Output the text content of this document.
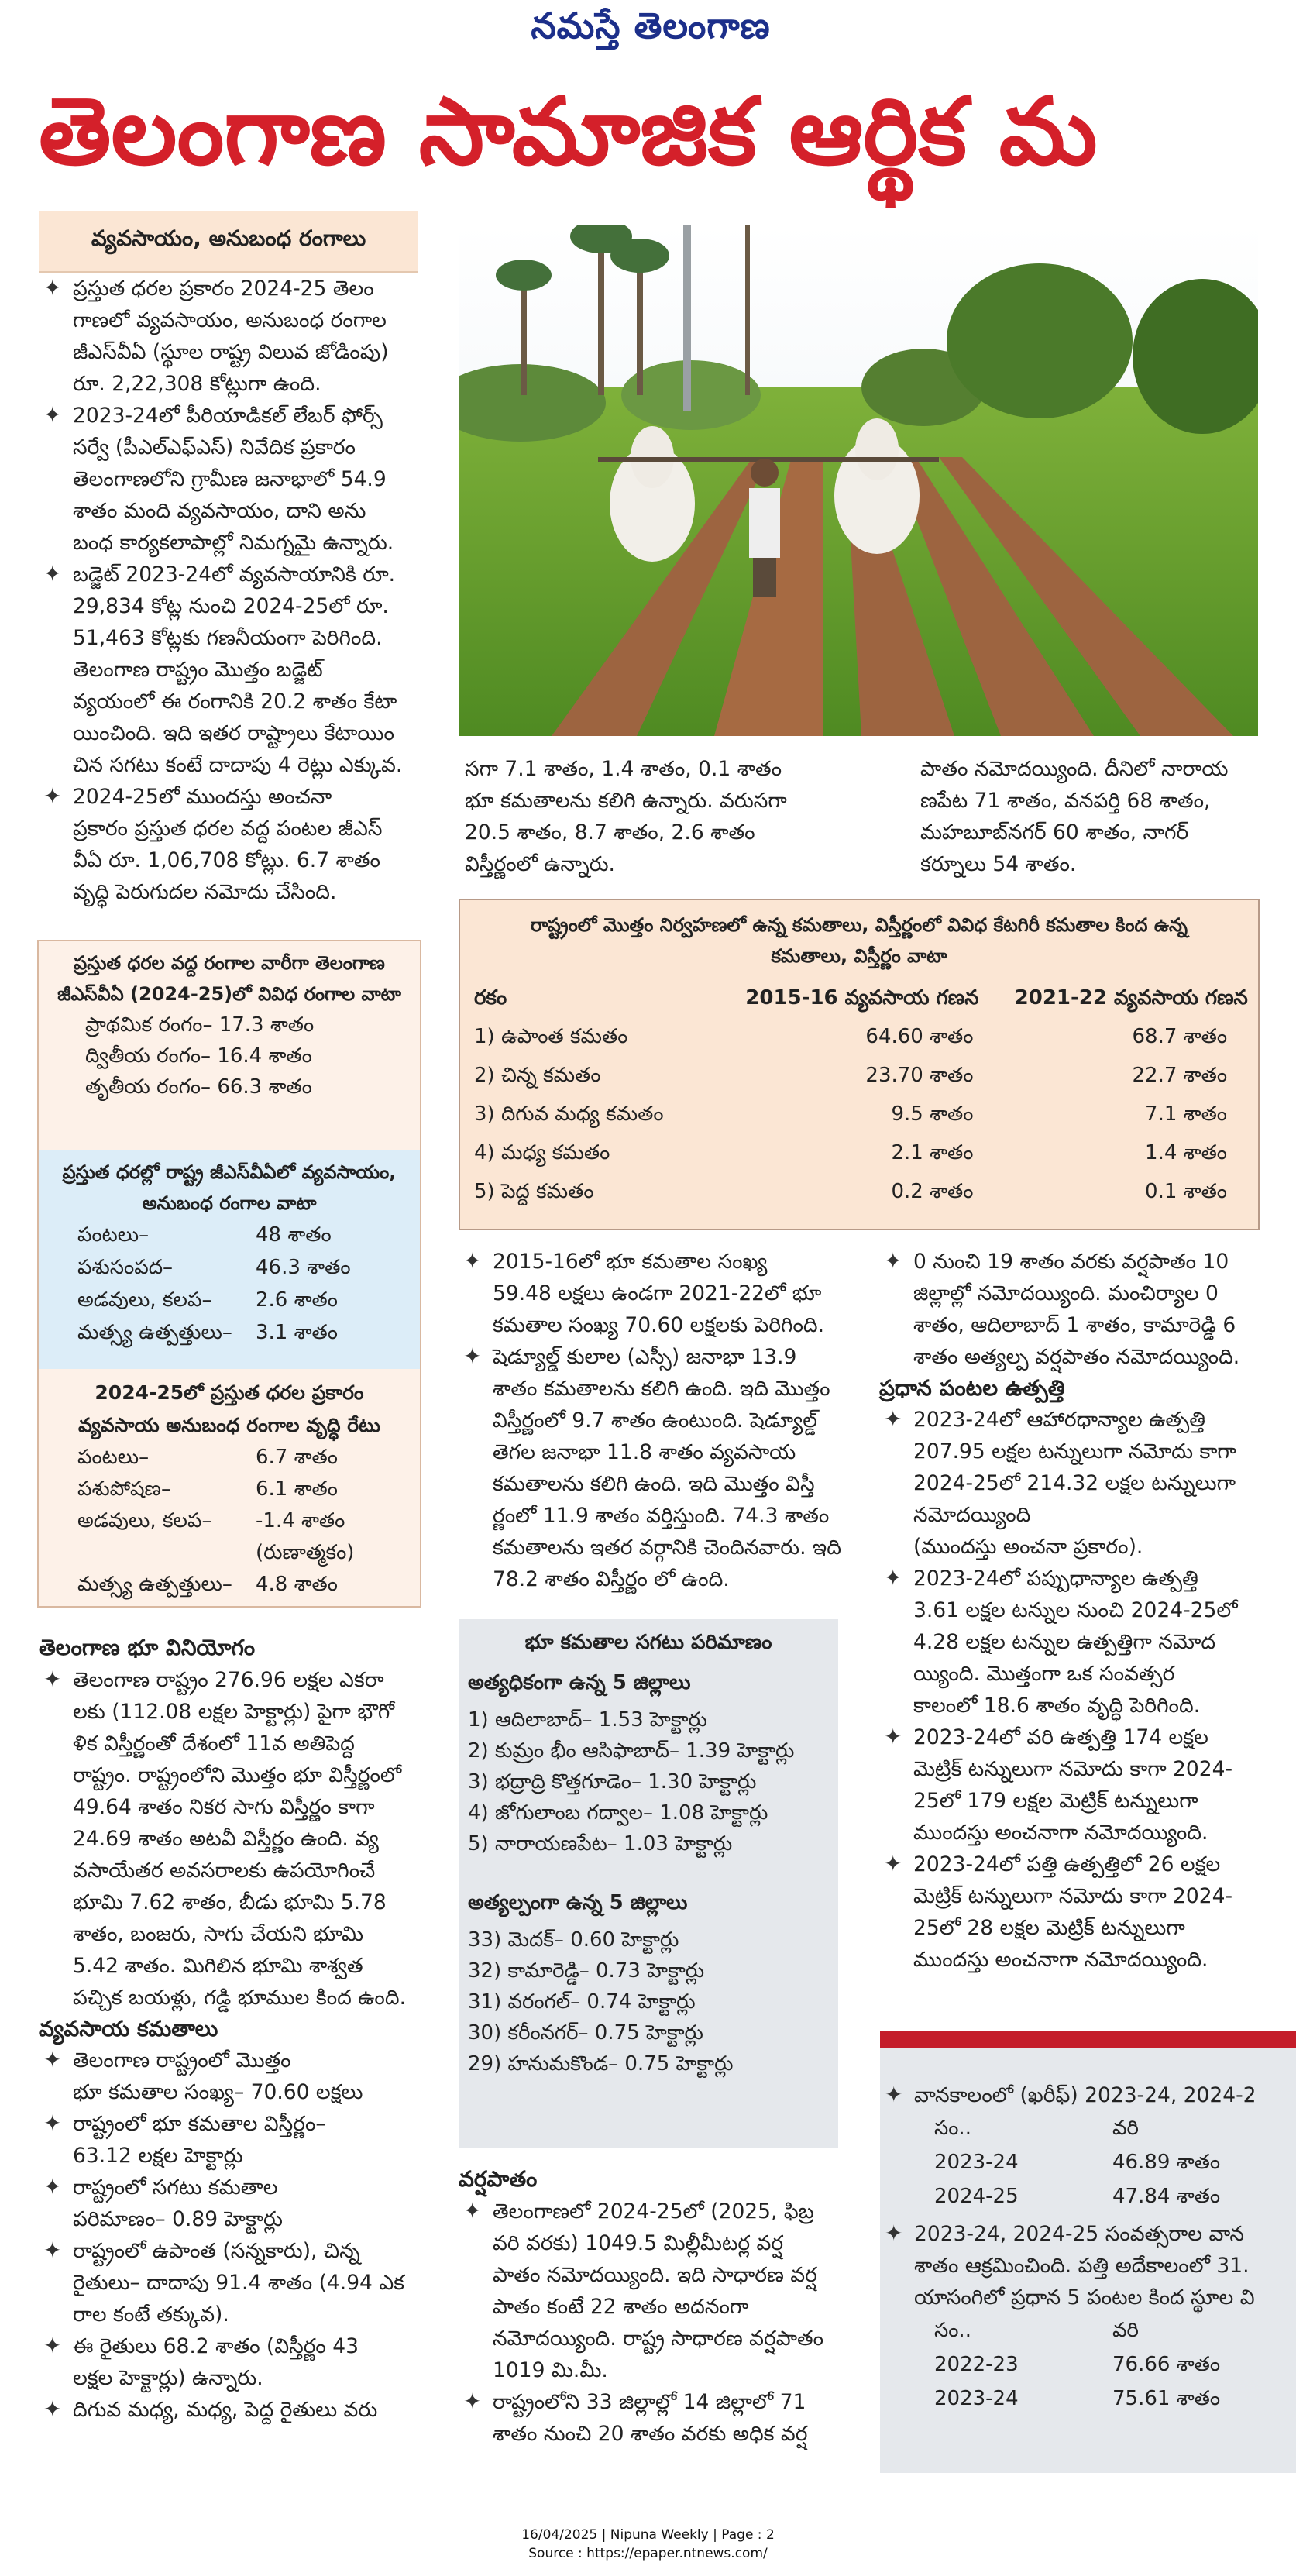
నమస్తే తెలంగాణ
తెలంగాణ సామాజిక ఆర్థిక మ
వ్యవసాయం, అనుబంధ రంగాలు
✦ ప్రస్తుత ధరల ప్రకారం 2024-25 తెలం
గాణలో వ్యవసాయం, అనుబంధ రంగాల
జీఎస్‌వీఏ (స్థూల రాష్ట్ర విలువ జోడింపు)
రూ. 2,22,308 కోట్లుగా ఉంది.
✦ 2023-24లో పీరియాడికల్ లేబర్ ఫోర్స్
సర్వే (పీఎల్‌ఎఫ్‌ఎస్) నివేదిక ప్రకారం
తెలంగాణలోని గ్రామీణ జనాభాలో 54.9
శాతం మంది వ్యవసాయం, దాని అను
బంధ కార్యకలాపాల్లో నిమగ్నమై ఉన్నారు.
✦ బడ్జెట్ 2023-24లో వ్యవసాయానికి రూ.
29,834 కోట్ల నుంచి 2024-25లో రూ.
51,463 కోట్లకు గణనీయంగా పెరిగింది.
తెలంగాణ రాష్ట్రం మొత్తం బడ్జెట్
వ్యయంలో ఈ రంగానికి 20.2 శాతం కేటా
యించింది. ఇది ఇతర రాష్ట్రాలు కేటాయిం
చిన సగటు కంటే దాదాపు 4 రెట్లు ఎక్కువ.
✦ 2024-25లో ముందస్తు అంచనా
ప్రకారం ప్రస్తుత ధరల వద్ద పంటల జీఎస్
వీఏ రూ. 1,06,708 కోట్లు. 6.7 శాతం
వృద్ధి పెరుగుదల నమోదు చేసింది.
ప్రస్తుత ధరల వద్ద రంగాల వారీగా తెలంగాణ
జీఎస్‌వీఏ (2024-25)లో వివిధ రంగాల వాటా
ప్రాథమిక రంగం– 17.3 శాతం
ద్వితీయ రంగం– 16.4 శాతం
తృతీయ రంగం– 66.3 శాతం
ప్రస్తుత ధరల్లో రాష్ట్ర జీఎస్‌వీఏలో వ్యవసాయం,
అనుబంధ రంగాల వాటా
పంటలు–	48 శాతం
పశుసంపద–	46.3 శాతం
అడవులు, కలప–	2.6 శాతం
మత్స్య ఉత్పత్తులు–	3.1 శాతం
2024-25లో ప్రస్తుత ధరల ప్రకారం
వ్యవసాయ అనుబంధ రంగాల వృద్ధి రేటు
పంటలు–	6.7 శాతం
పశుపోషణ–	6.1 శాతం
అడవులు, కలప–	-1.4 శాతం
(రుణాత్మకం)
మత్స్య ఉత్పత్తులు–	4.8 శాతం
తెలంగాణ భూ వినియోగం
✦ తెలంగాణ రాష్ట్రం 276.96 లక్షల ఎకరా
లకు (112.08 లక్షల హెక్టార్లు) పైగా భౌగో
ళిక విస్తీర్ణంతో దేశంలో 11వ అతిపెద్ద
రాష్ట్రం. రాష్ట్రంలోని మొత్తం భూ విస్తీర్ణంలో
49.64 శాతం నికర సాగు విస్తీర్ణం కాగా
24.69 శాతం అటవీ విస్తీర్ణం ఉంది. వ్య
వసాయేతర అవసరాలకు ఉపయోగించే
భూమి 7.62 శాతం, బీడు భూమి 5.78
శాతం, బంజరు, సాగు చేయని భూమి
5.42 శాతం. మిగిలిన భూమి శాశ్వత
పచ్చిక బయళ్లు, గడ్డి భూముల కింద ఉంది.
వ్యవసాయ కమతాలు
✦ తెలంగాణ రాష్ట్రంలో మొత్తం
భూ కమతాల సంఖ్య– 70.60 లక్షలు
✦ రాష్ట్రంలో భూ కమతాల విస్తీర్ణం–
63.12 లక్షల హెక్టార్లు
✦ రాష్ట్రంలో సగటు కమతాల
పరిమాణం– 0.89 హెక్టార్లు
✦ రాష్ట్రంలో ఉపాంత (సన్నకారు), చిన్న
రైతులు– దాదాపు 91.4 శాతం (4.94 ఎక
రాల కంటే తక్కువ).
✦ ఈ రైతులు 68.2 శాతం (విస్తీర్ణం 43
లక్షల హెక్టార్లు) ఉన్నారు.
✦ దిగువ మధ్య, మధ్య, పెద్ద రైతులు వరు
సగా 7.1 శాతం, 1.4 శాతం, 0.1 శాతం
భూ కమతాలను కలిగి ఉన్నారు. వరుసగా
20.5 శాతం, 8.7 శాతం, 2.6 శాతం
విస్తీర్ణంలో ఉన్నారు.
పాతం నమోదయ్యింది. దీనిలో నారాయ
ణపేట 71 శాతం, వనపర్తి 68 శాతం,
మహబూబ్‌నగర్ 60 శాతం, నాగర్
కర్నూలు 54 శాతం.
రాష్ట్రంలో మొత్తం నిర్వహణలో ఉన్న కమతాలు, విస్తీర్ణంలో వివిధ కేటగిరీ కమతాల కింద ఉన్న
కమతాలు, విస్తీర్ణం వాటా
రకం	2015-16 వ్యవసాయ గణన	2021-22 వ్యవసాయ గణన
1) ఉపాంత కమతం	64.60 శాతం	68.7 శాతం
2) చిన్న కమతం	23.70 శాతం	22.7 శాతం
3) దిగువ మధ్య కమతం	9.5 శాతం	7.1 శాతం
4) మధ్య కమతం	2.1 శాతం	1.4 శాతం
5) పెద్ద కమతం	0.2 శాతం	0.1 శాతం
✦ 2015-16లో భూ కమతాల సంఖ్య
59.48 లక్షలు ఉండగా 2021-22లో భూ
కమతాల సంఖ్య 70.60 లక్షలకు పెరిగింది.
✦ షెడ్యూల్డ్ కులాల (ఎస్సీ) జనాభా 13.9
శాతం కమతాలను కలిగి ఉంది. ఇది మొత్తం
విస్తీర్ణంలో 9.7 శాతం ఉంటుంది. షెడ్యూల్డ్
తెగల జనాభా 11.8 శాతం వ్యవసాయ
కమతాలను కలిగి ఉంది. ఇది మొత్తం విస్తీ
ర్ణంలో 11.9 శాతం వర్తిస్తుంది. 74.3 శాతం
కమతాలను ఇతర వర్గానికి చెందినవారు. ఇది
78.2 శాతం విస్తీర్ణం లో ఉంది.
భూ కమతాల సగటు పరిమాణం
అత్యధికంగా ఉన్న 5 జిల్లాలు
1) ఆదిలాబాద్– 1.53 హెక్టార్లు
2) కుమ్రం భీం ఆసిఫాబాద్– 1.39 హెక్టార్లు
3) భద్రాద్రి కొత్తగూడెం– 1.30 హెక్టార్లు
4) జోగులాంబ గద్వాల– 1.08 హెక్టార్లు
5) నారాయణపేట– 1.03 హెక్టార్లు
అత్యల్పంగా ఉన్న 5 జిల్లాలు
33) మెదక్– 0.60 హెక్టార్లు
32) కామారెడ్డి– 0.73 హెక్టార్లు
31) వరంగల్– 0.74 హెక్టార్లు
30) కరీంనగర్– 0.75 హెక్టార్లు
29) హనుమకొండ– 0.75 హెక్టార్లు
వర్షపాతం
✦ తెలంగాణలో 2024-25లో (2025, ఫిబ్ర
వరి వరకు) 1049.5 మిల్లీమీటర్ల వర్ష
పాతం నమోదయ్యింది. ఇది సాధారణ వర్ష
పాతం కంటే 22 శాతం అదనంగా
నమోదయ్యింది. రాష్ట్ర సాధారణ వర్షపాతం
1019 మి.మీ.
✦ రాష్ట్రంలోని 33 జిల్లాల్లో 14 జిల్లాలో 71
శాతం నుంచి 20 శాతం వరకు అధిక వర్ష
✦ 0 నుంచి 19 శాతం వరకు వర్షపాతం 10
జిల్లాల్లో నమోదయ్యింది. మంచిర్యాల 0
శాతం, ఆదిలాబాద్ 1 శాతం, కామారెడ్డి 6
శాతం అత్యల్ప వర్షపాతం నమోదయ్యింది.
ప్రధాన పంటల ఉత్పత్తి
✦ 2023-24లో ఆహారధాన్యాల ఉత్పత్తి
207.95 లక్షల టన్నులుగా నమోదు కాగా
2024-25లో 214.32 లక్షల టన్నులుగా
నమోదయ్యింది
(ముందస్తు అంచనా ప్రకారం).
✦ 2023-24లో పప్పుధాన్యాల ఉత్పత్తి
3.61 లక్షల టన్నుల నుంచి 2024-25లో
4.28 లక్షల టన్నుల ఉత్పత్తిగా నమోద
య్యింది. మొత్తంగా ఒక సంవత్సర
కాలంలో 18.6 శాతం వృద్ధి పెరిగింది.
✦ 2023-24లో వరి ఉత్పత్తి 174 లక్షల
మెట్రిక్ టన్నులుగా నమోదు కాగా 2024-
25లో 179 లక్షల మెట్రిక్ టన్నులుగా
ముందస్తు అంచనాగా నమోదయ్యింది.
✦ 2023-24లో పత్తి ఉత్పత్తిలో 26 లక్షల
మెట్రిక్ టన్నులుగా నమోదు కాగా 2024-
25లో 28 లక్షల మెట్రిక్ టన్నులుగా
ముందస్తు అంచనాగా నమోదయ్యింది.
✦ వానకాలంలో (ఖరీఫ్) 2023-24, 2024-2
సం..	వరి
2023-24	46.89 శాతం
2024-25	47.84 శాతం
✦ 2023-24, 2024-25 సంవత్సరాల వాన
శాతం ఆక్రమించింది. పత్తి అదేకాలంలో 31.
యాసంగిలో ప్రధాన 5 పంటల కింద స్థూల వి
సం..	వరి
2022-23	76.66 శాతం
2023-24	75.61 శాతం
16/04/2025 | Nipuna Weekly | Page : 2
Source : https://epaper.ntnews.com/
